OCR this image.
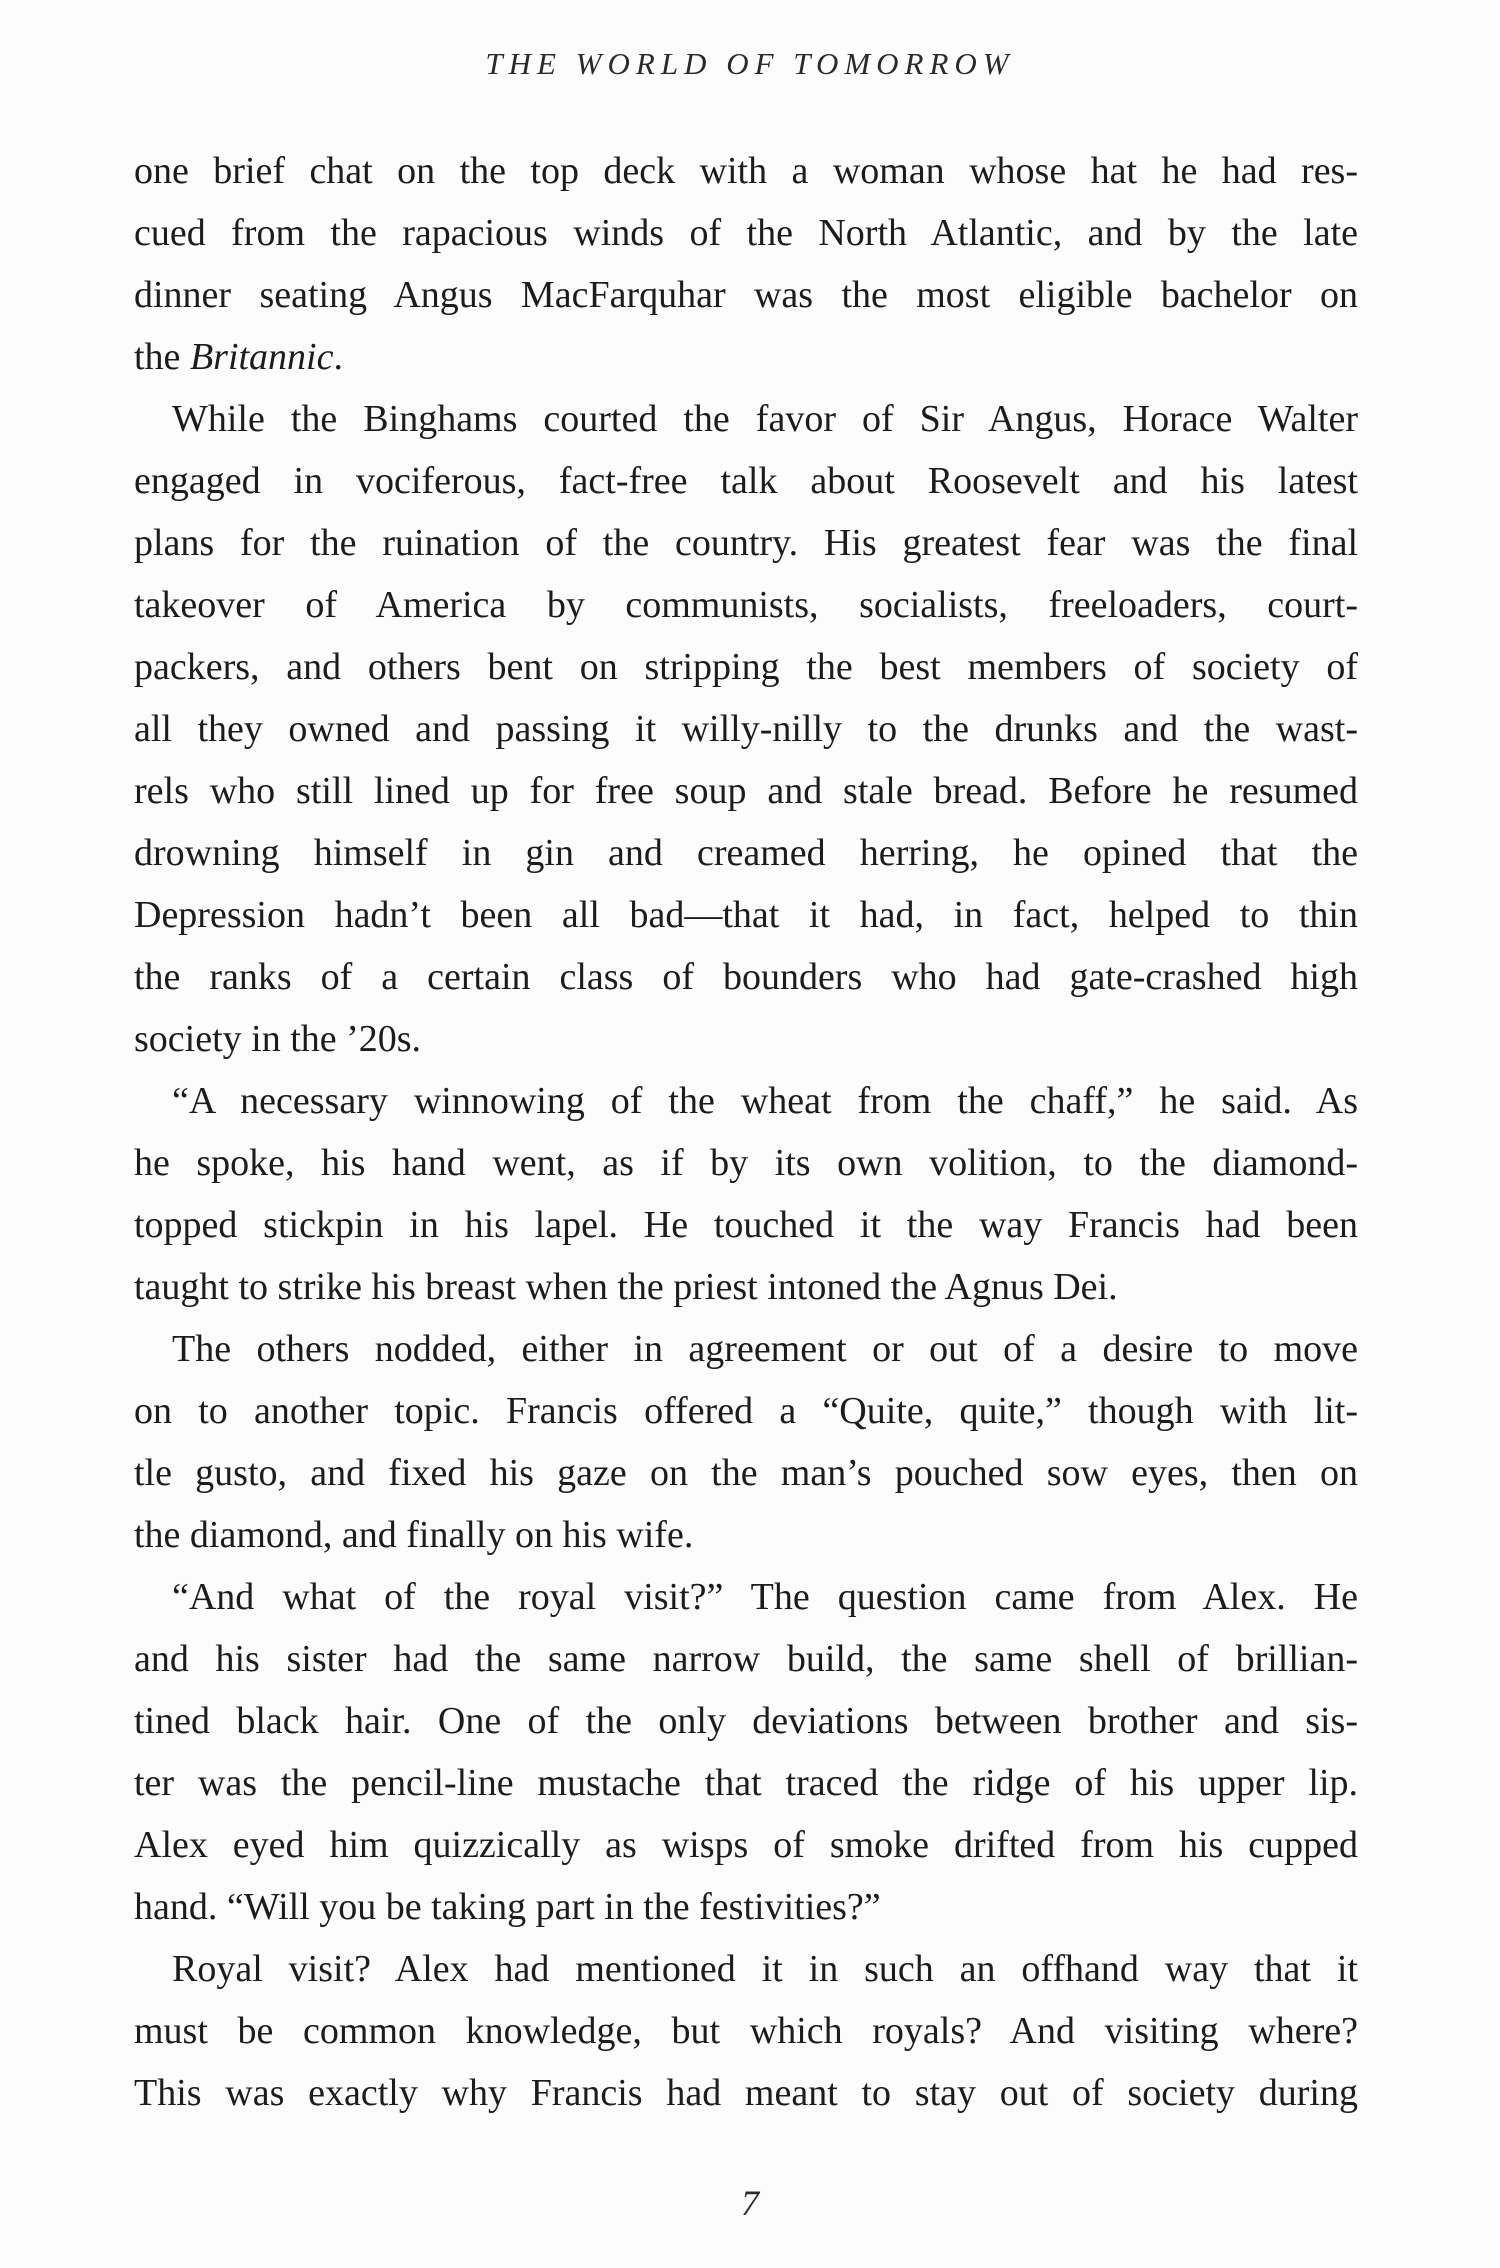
THE WORLD OF TOMORROW
one brief chat on the top deck with a woman whose hat he had res-
cued from the rapacious winds of the North Atlantic, and by the late
dinner seating Angus MacFarquhar was the most eligible bachelor on
the Britannic.
While the Binghams courted the favor of Sir Angus, Horace Walter
engaged in vociferous, fact-free talk about Roosevelt and his latest
plans for the ruination of the country. His greatest fear was the final
takeover of America by communists, socialists, freeloaders, court-
packers, and others bent on stripping the best members of society of
all they owned and passing it willy-nilly to the drunks and the wast-
rels who still lined up for free soup and stale bread. Before he resumed
drowning himself in gin and creamed herring, he opined that the
Depression hadn’t been all bad—that it had, in fact, helped to thin
the ranks of a certain class of bounders who had gate-crashed high
society in the ’20s.
“A necessary winnowing of the wheat from the chaff,” he said. As
he spoke, his hand went, as if by its own volition, to the diamond-
topped stickpin in his lapel. He touched it the way Francis had been
taught to strike his breast when the priest intoned the Agnus Dei.
The others nodded, either in agreement or out of a desire to move
on to another topic. Francis offered a “Quite, quite,” though with lit-
tle gusto, and fixed his gaze on the man’s pouched sow eyes, then on
the diamond, and finally on his wife.
“And what of the royal visit?” The question came from Alex. He
and his sister had the same narrow build, the same shell of brillian-
tined black hair. One of the only deviations between brother and sis-
ter was the pencil-line mustache that traced the ridge of his upper lip.
Alex eyed him quizzically as wisps of smoke drifted from his cupped
hand. “Will you be taking part in the festivities?”
Royal visit? Alex had mentioned it in such an offhand way that it
must be common knowledge, but which royals? And visiting where?
This was exactly why Francis had meant to stay out of society during
7
